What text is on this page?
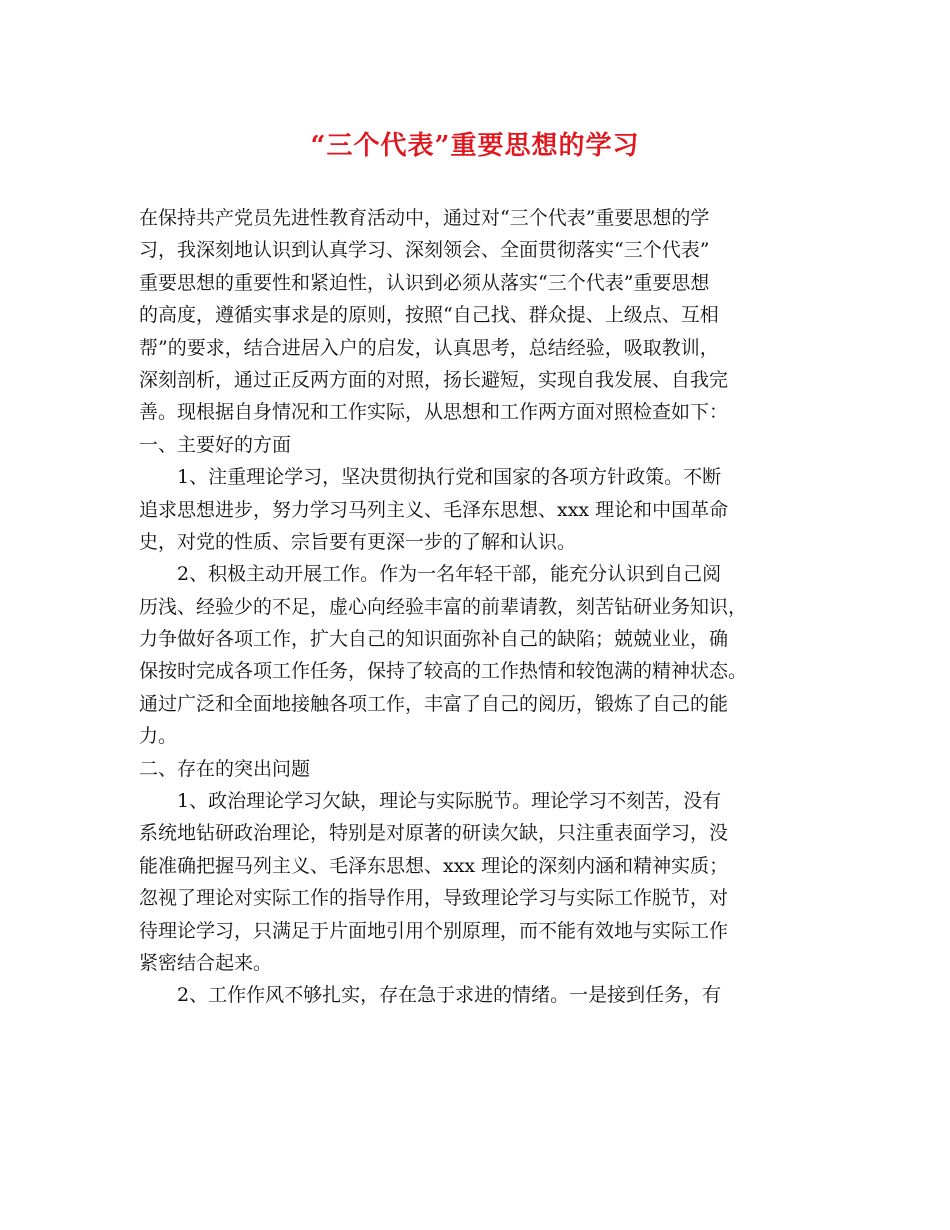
“三个代表”重要思想的学习
在保持共产党员先进性教育活动中，通过对“三个代表”重要思想的学
习，我深刻地认识到认真学习、深刻领会、全面贯彻落实“三个代表”
重要思想的重要性和紧迫性，认识到必须从落实“三个代表”重要思想
的高度，遵循实事求是的原则，按照“自己找、群众提、上级点、互相
帮”的要求，结合进居入户的启发，认真思考，总结经验，吸取教训，
深刻剖析，通过正反两方面的对照，扬长避短，实现自我发展、自我完
善。现根据自身情况和工作实际，从思想和工作两方面对照检查如下：
一、主要好的方面
1、注重理论学习，坚决贯彻执行党和国家的各项方针政策。不断
追求思想进步，努力学习马列主义、毛泽东思想、xxx 理论和中国革命
史，对党的性质、宗旨要有更深一步的了解和认识。
2、积极主动开展工作。作为一名年轻干部，能充分认识到自己阅
历浅、经验少的不足，虚心向经验丰富的前辈请教，刻苦钻研业务知识，
力争做好各项工作，扩大自己的知识面弥补自己的缺陷；兢兢业业，确
保按时完成各项工作任务，保持了较高的工作热情和较饱满的精神状态。
通过广泛和全面地接触各项工作，丰富了自己的阅历，锻炼了自己的能
力。
二、存在的突出问题
1、政治理论学习欠缺，理论与实际脱节。理论学习不刻苦，没有
系统地钻研政治理论，特别是对原著的研读欠缺，只注重表面学习，没
能准确把握马列主义、毛泽东思想、xxx 理论的深刻内涵和精神实质；
忽视了理论对实际工作的指导作用，导致理论学习与实际工作脱节，对
待理论学习，只满足于片面地引用个别原理，而不能有效地与实际工作
紧密结合起来。
2、工作作风不够扎实，存在急于求进的情绪。一是接到任务，有
